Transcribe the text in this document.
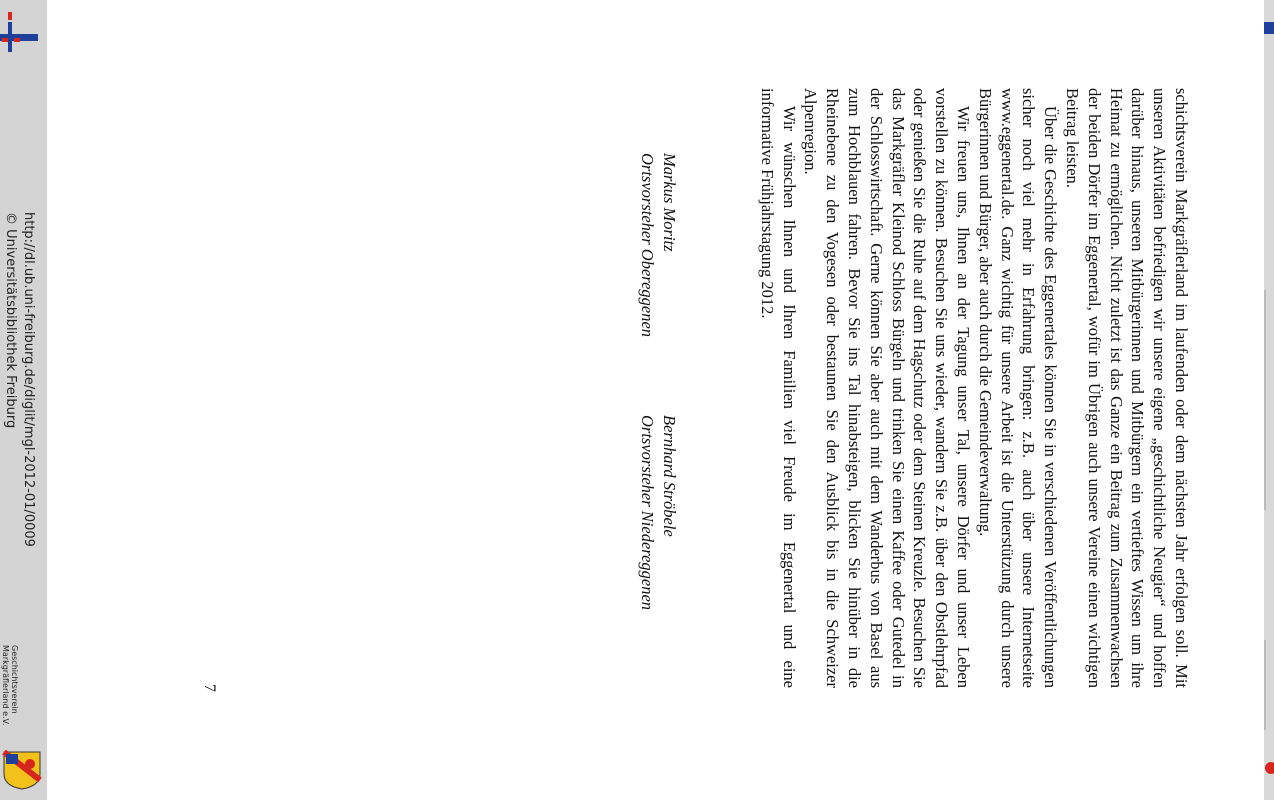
schichtsverein Markgräflerland im laufenden oder dem nächsten Jahr erfolgen soll. Mit unseren Aktivitäten befriedigen wir unsere eigene „geschichtliche Neugier“ und hoffen darüber hinaus, unseren Mitbürgerinnen und Mitbürgern ein vertieftes Wissen um ihre Heimat zu ermöglichen. Nicht zuletzt ist das Ganze ein Beitrag zum Zusammenwachsen der beiden Dörfer im Eggenertal, wofür im Übrigen auch unsere Vereine einen wichtigen Beitrag leisten.

Über die Geschichte des Eggenertales können Sie in verschiedenen Veröffentlichungen sicher noch viel mehr in Erfahrung bringen: z.B. auch über unsere Internetseite www.eggenertal.de. Ganz wichtig für unsere Arbeit ist die Unterstützung durch unsere Bürgerinnen und Bürger, aber auch durch die Gemeindeverwaltung.

Wir freuen uns, Ihnen an der Tagung unser Tal, unsere Dörfer und unser Leben vorstellen zu können. Besuchen Sie uns wieder, wandern Sie z.B. über den Obstlehrpfad oder genießen Sie die Ruhe auf dem Hagschutz oder dem Steinen Kreuzle. Besuchen Sie das Markgräfler Kleinod Schloss Bürgeln und trinken Sie einen Kaffee oder Gutedel in der Schlosswirtschaft. Gerne können Sie aber auch mit dem Wanderbus von Basel aus zum Hochblauen fahren. Bevor Sie ins Tal hinabsteigen, blicken Sie hinüber in die Rheinebene zu den Vogesen oder bestaunen Sie den Ausblick bis in die Schweizer Alpenregion.

Wir wünschen Ihnen und Ihren Familien viel Freude im Eggenertal und eine informative Frühjahrstagung 2012.

Markus Moritz
Ortsvorsteher Obereggenen
Bernhard Ströbele
Ortsvorsteher Niedereggenen
7
http://dl.ub.uni-freiburg.de/diglit/mgl-2012-01/0009
© Universitätsbibliothek Freiburg
Geschichtsverein
Markgräflerland e.V.
